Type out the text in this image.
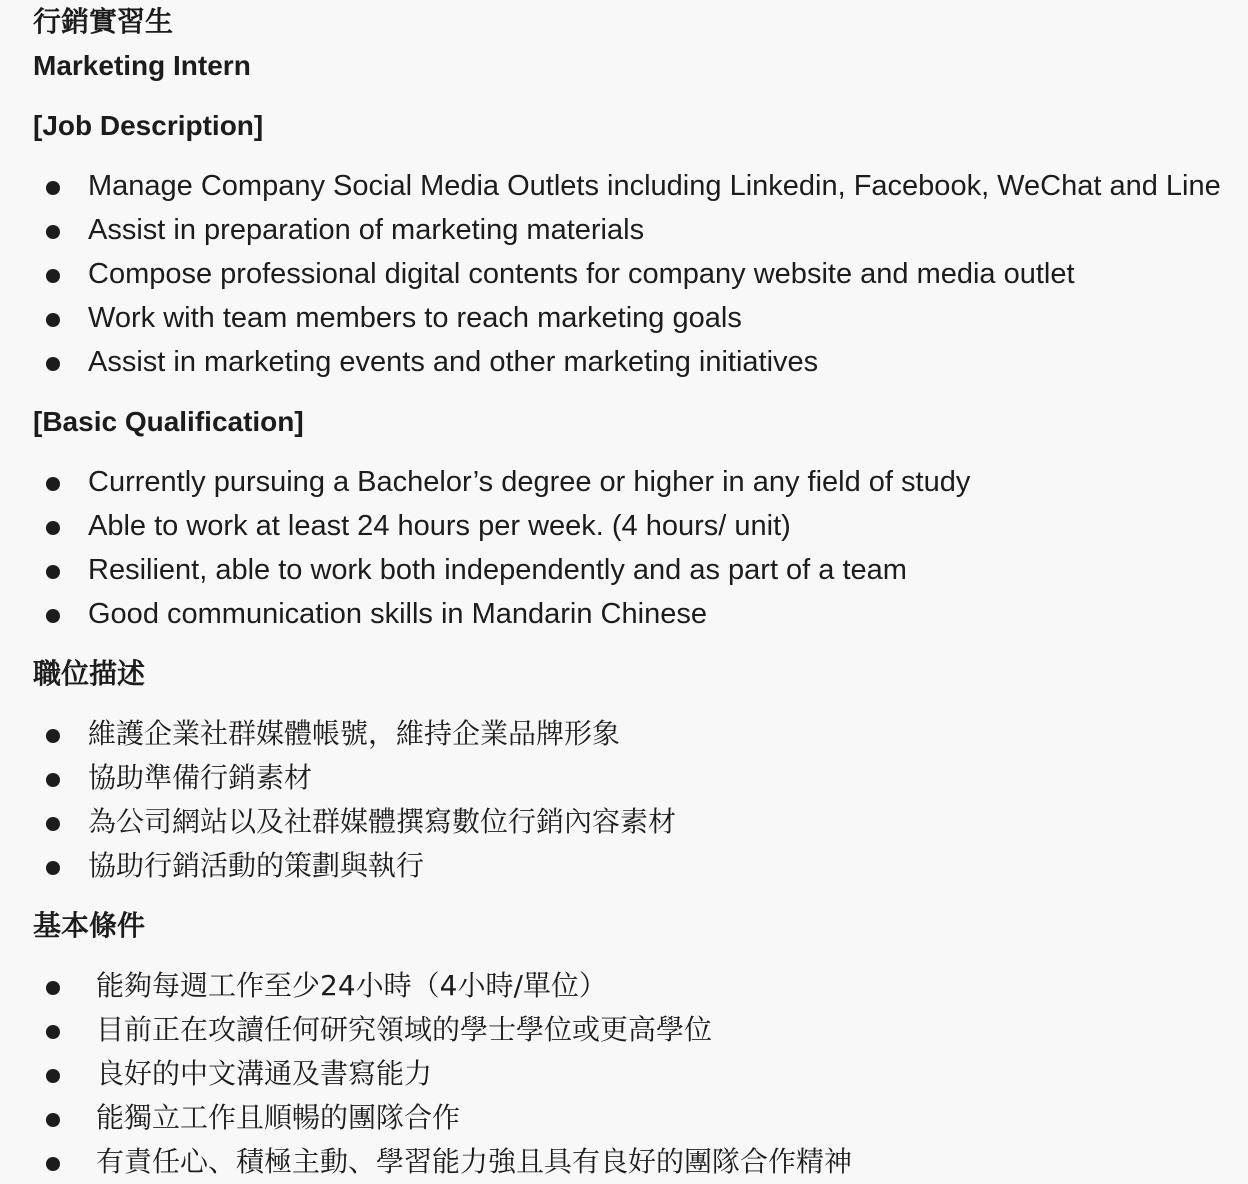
行銷實習生
Marketing Intern
[Job Description]
Manage Company Social Media Outlets including Linkedin, Facebook, WeChat and Line
Assist in preparation of marketing materials
Compose professional digital contents for company website and media outlet
Work with team members to reach marketing goals
Assist in marketing events and other marketing initiatives
[Basic Qualification]
Currently pursuing a Bachelor’s degree or higher in any field of study
Able to work at least 24 hours per week. (4 hours/ unit)
Resilient, able to work both independently and as part of a team
Good communication skills in Mandarin Chinese
職位描述
維護企業社群媒體帳號，維持企業品牌形象
協助準備行銷素材
為公司網站以及社群媒體撰寫數位行銷內容素材
協助行銷活動的策劃與執行
基本條件
能夠每週工作至少24小時（4小時/單位）
目前正在攻讀任何研究領域的學士學位或更高學位
良好的中文溝通及書寫能力
能獨立工作且順暢的團隊合作
有責任心、積極主動、學習能力強且具有良好的團隊合作精神
